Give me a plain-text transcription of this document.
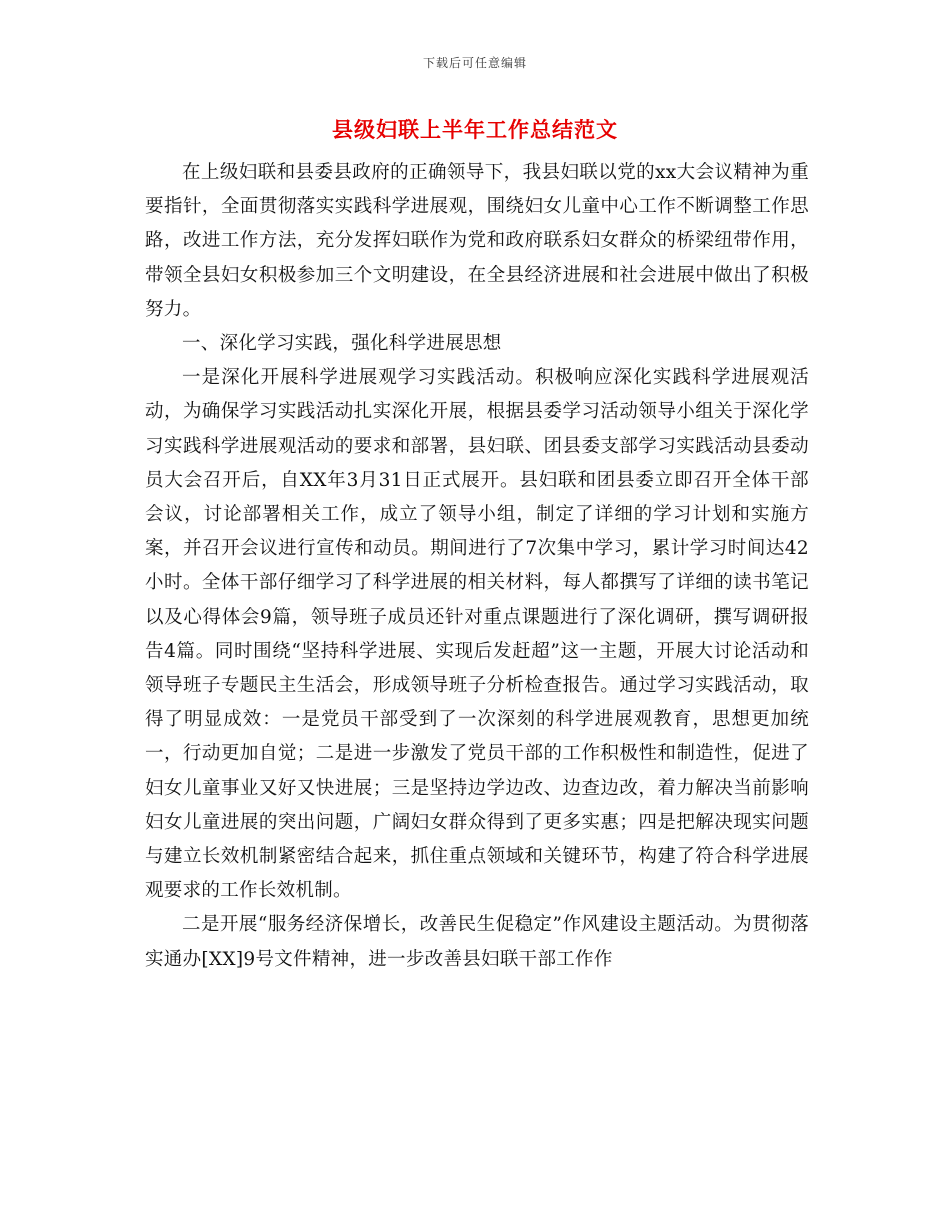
下载后可任意编辑
县级妇联上半年工作总结范文

在上级妇联和县委县政府的正确领导下，我县妇联以党的xx大会议精神为重要指针，全面贯彻落实实践科学进展观，围绕妇女儿童中心工作不断调整工作思路，改进工作方法，充分发挥妇联作为党和政府联系妇女群众的桥梁纽带作用，带领全县妇女积极参加三个文明建设，在全县经济进展和社会进展中做出了积极努力。

一、深化学习实践，强化科学进展思想

一是深化开展科学进展观学习实践活动。积极响应深化实践科学进展观活动，为确保学习实践活动扎实深化开展，根据县委学习活动领导小组关于深化学习实践科学进展观活动的要求和部署，县妇联、团县委支部学习实践活动县委动员大会召开后，自XX年3月31日正式展开。县妇联和团县委立即召开全体干部会议，讨论部署相关工作，成立了领导小组，制定了详细的学习计划和实施方案，并召开会议进行宣传和动员。期间进行了7次集中学习，累计学习时间达42小时。全体干部仔细学习了科学进展的相关材料，每人都撰写了详细的读书笔记以及心得体会9篇，领导班子成员还针对重点课题进行了深化调研，撰写调研报告4篇。同时围绕“坚持科学进展、实现后发赶超”这一主题，开展大讨论活动和领导班子专题民主生活会，形成领导班子分析检查报告。通过学习实践活动，取得了明显成效：一是党员干部受到了一次深刻的科学进展观教育，思想更加统一，行动更加自觉；二是进一步激发了党员干部的工作积极性和制造性，促进了妇女儿童事业又好又快进展；三是坚持边学边改、边查边改，着力解决当前影响妇女儿童进展的突出问题，广阔妇女群众得到了更多实惠；四是把解决现实问题与建立长效机制紧密结合起来，抓住重点领域和关键环节，构建了符合科学进展观要求的工作长效机制。

二是开展“服务经济保增长，改善民生促稳定”作风建设主题活动。为贯彻落实通办[XX]9号文件精神，进一步改善县妇联干部工作作
